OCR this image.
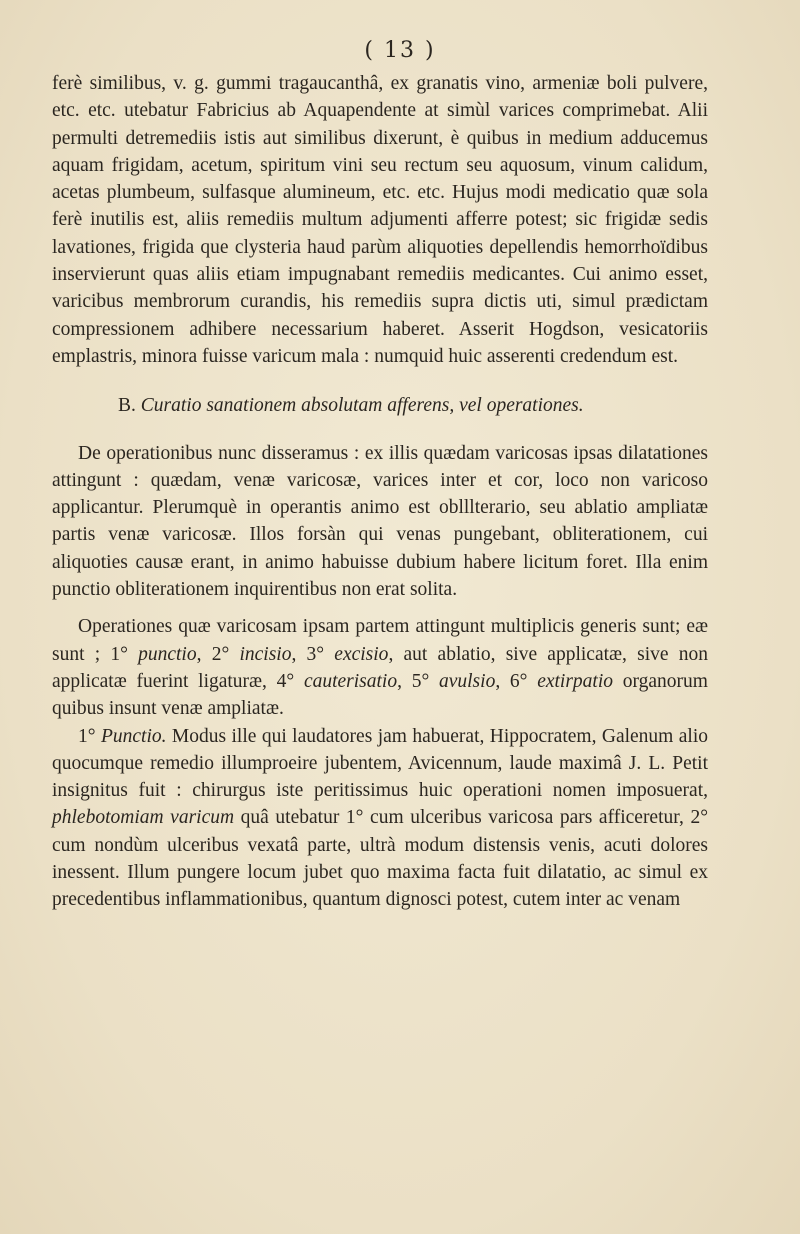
( 13 )

ferè similibus, v. g. gummi tragaucanthâ, ex granatis vino, armeniæ boli pulvere, etc. etc. utebatur Fabricius ab Aquapendente at simùl varices comprimebat. Alii permulti detremediis istis aut similibus dixerunt, è quibus in medium adducemus aquam frigidam, acetum, spiritum vini seu rectum seu aquosum, vinum calidum, acetas plumbeum, sulfasque alumineum, etc. etc. Hujus modi medicatio quæ sola ferè inutilis est, aliis remediis multum adjumenti afferre potest; sic frigidæ sedis lavationes, frigida que clysteria haud parùm aliquoties depellendis hemorrhoïdibus inservierunt quas aliis etiam impugnabant remediis medicantes. Cui animo esset, varicibus membrorum curandis, his remediis supra dictis uti, simul prædictam compressionem adhibere necessarium haberet. Asserit Hogdson, vesicatoriis emplastris, minora fuisse varicum mala : numquid huic asserenti credendum est.

B. Curatio sanationem absolutam afferens, vel operationes.

De operationibus nunc disseramus : ex illis quædam varicosas ipsas dilatationes attingunt : quædam, venæ varicosæ, varices inter et cor, loco non varicoso applicantur. Plerumquè in operantis animo est oblllterario, seu ablatio ampliatæ partis venæ varicosæ. Illos forsàn qui venas pungebant, obliterationem, cui aliquoties causæ erant, in animo habuisse dubium habere licitum foret. Illa enim punctio obliterationem inquirentibus non erat solita.

Operationes quæ varicosam ipsam partem attingunt multiplicis generis sunt; eæ sunt ; 1° punctio, 2° incisio, 3° excisio, aut ablatio, sive applicatæ, sive non applicatæ fuerint ligaturæ, 4° cauterisatio, 5° avulsio, 6° extirpatio organorum quibus insunt venæ ampliatæ.

1° Punctio. Modus ille qui laudatores jam habuerat, Hippocratem, Galenum alio quocumque remedio illumproeire jubentem, Avicennum, laude maximâ J. L. Petit insignitus fuit : chirurgus iste peritissimus huic operationi nomen imposuerat, phlebotomiam varicum quâ utebatur 1° cum ulceribus varicosa pars afficeretur, 2° cum nondùm ulceribus vexatâ parte, ultrà modum distensis venis, acuti dolores inessent. Illum pungere locum jubet quo maxima facta fuit dilatatio, ac simul ex precedentibus inflammationibus, quantum dignosci potest, cutem inter ac venam
